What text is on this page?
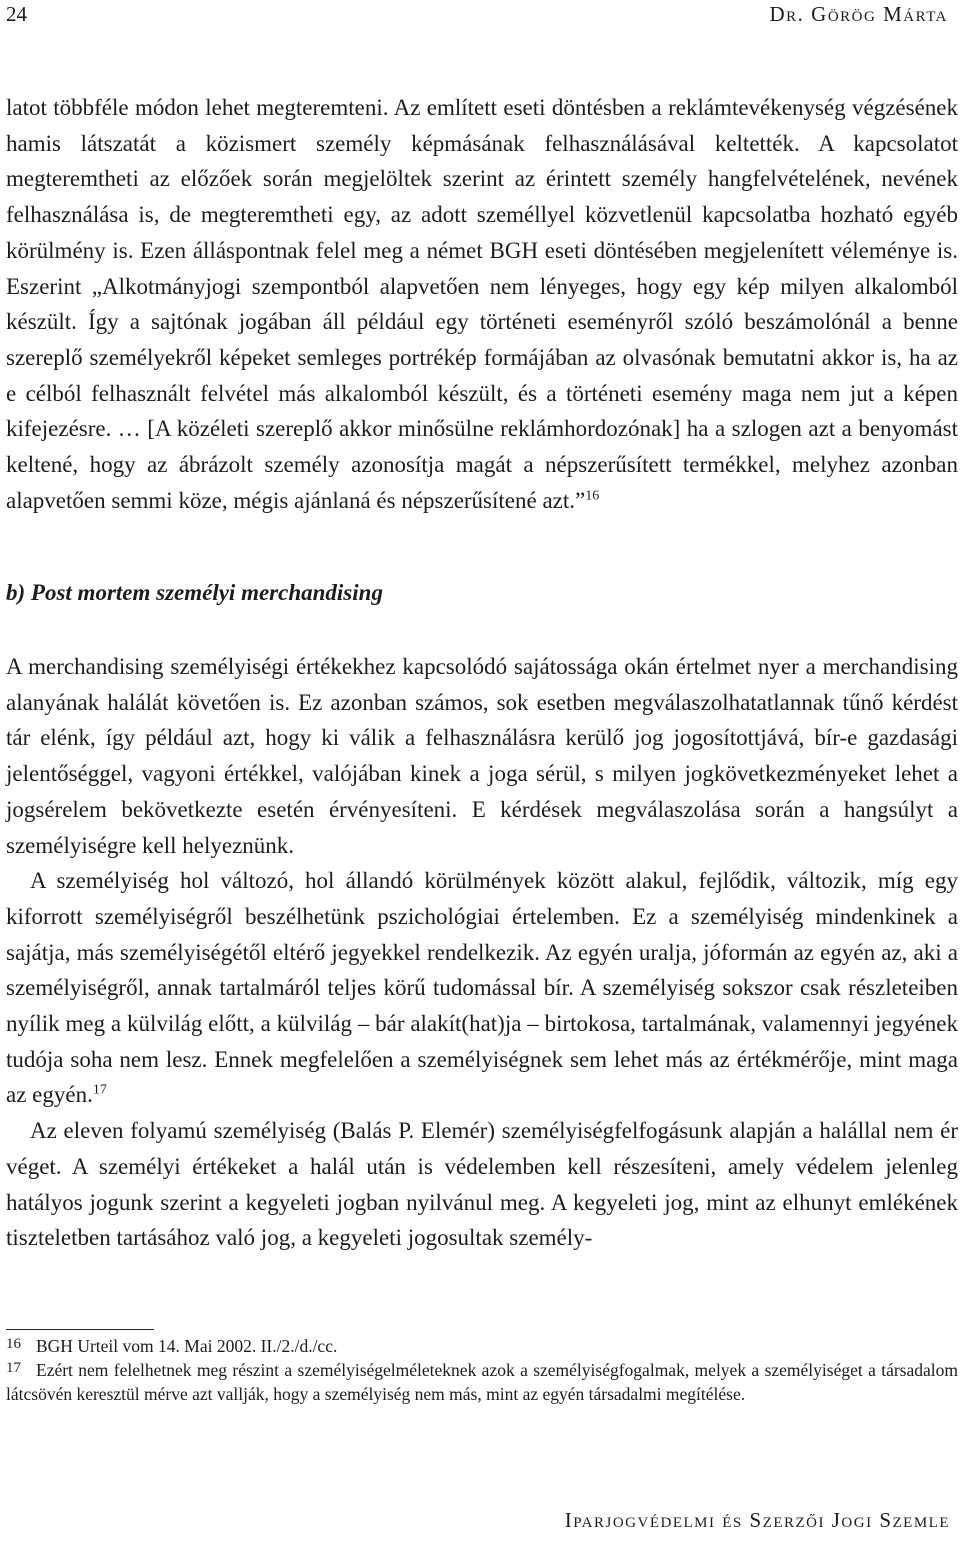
24	Dr. Görög Márta

latot többféle módon lehet megteremteni. Az említett eseti döntésben a reklámtevékenység végzésének hamis látszatát a közismert személy képmásának felhasználásával keltették. A kapcsolatot megteremtheti az előzőek során megjelöltek szerint az érintett személy hangfelvételének, nevének felhasználása is, de megteremtheti egy, az adott személlyel közvetlenül kapcsolatba hozható egyéb körülmény is. Ezen álláspontnak felel meg a német BGH eseti döntésében megjelenített véleménye is. Eszerint „Alkotmányjogi szempontból alapvetően nem lényeges, hogy egy kép milyen alkalomból készült. Így a sajtónak jogában áll például egy történeti eseményről szóló beszámolónál a benne szereplő személyekről képeket semleges portrékép formájában az olvasónak bemutatni akkor is, ha az e célból felhasznált felvétel más alkalomból készült, és a történeti esemény maga nem jut a képen kifejezésre. … [A közéleti szereplő akkor minősülne reklámhordozónak] ha a szlogen azt a benyomást keltené, hogy az ábrázolt személy azonosítja magát a népszerűsített termékkel, melyhez azonban alapvetően semmi köze, mégis ajánlaná és népszerűsítené azt.”$^{16}$

b) Post mortem személyi merchandising

A merchandising személyiségi értékekhez kapcsolódó sajátossága okán értelmet nyer a merchandising alanyának halálát követően is. Ez azonban számos, sok esetben megválaszolhatatlannak tűnő kérdést tár elénk, így például azt, hogy ki válik a felhasználásra kerülő jog jogosítottjává, bír-e gazdasági jelentőséggel, vagyoni értékkel, valójában kinek a joga sérül, s milyen jogkövetkezményeket lehet a jogsérelem bekövetkezte esetén érvényesíteni. E kérdések megválaszolása során a hangsúlyt a személyiségre kell helyeznünk.

A személyiség hol változó, hol állandó körülmények között alakul, fejlődik, változik, míg egy kiforrott személyiségről beszélhetünk pszichológiai értelemben. Ez a személyiség mindenkinek a sajátja, más személyiségétől eltérő jegyekkel rendelkezik. Az egyén uralja, jóformán az egyén az, aki a személyiségről, annak tartalmáról teljes körű tudomással bír. A személyiség sokszor csak részleteiben nyílik meg a külvilág előtt, a külvilág – bár alakít(hat)ja – birtokosa, tartalmának, valamennyi jegyének tudója soha nem lesz. Ennek megfelelően a személyiségnek sem lehet más az értékmérője, mint maga az egyén.$^{17}$

Az eleven folyamú személyiség (Balás P. Elemér) személyiségfelfogásunk alapján a halállal nem ér véget. A személyi értékeket a halál után is védelemben kell részesíteni, amely védelem jelenleg hatályos jogunk szerint a kegyeleti jogban nyilvánul meg. A kegyeleti jog, mint az elhunyt emlékének tiszteletben tartásához való jog, a kegyeleti jogosultak személy-

16 BGH Urteil vom 14. Mai 2002. II./2./d./cc.

17 Ezért nem felelhetnek meg részint a személyiségelméleteknek azok a személyiségfogalmak, melyek a személyiséget a társadalom látcsövén keresztül mérve azt vallják, hogy a személyiség nem más, mint az egyén társadalmi megítélése.

Iparjogvédelmi és Szerzői Jogi Szemle
